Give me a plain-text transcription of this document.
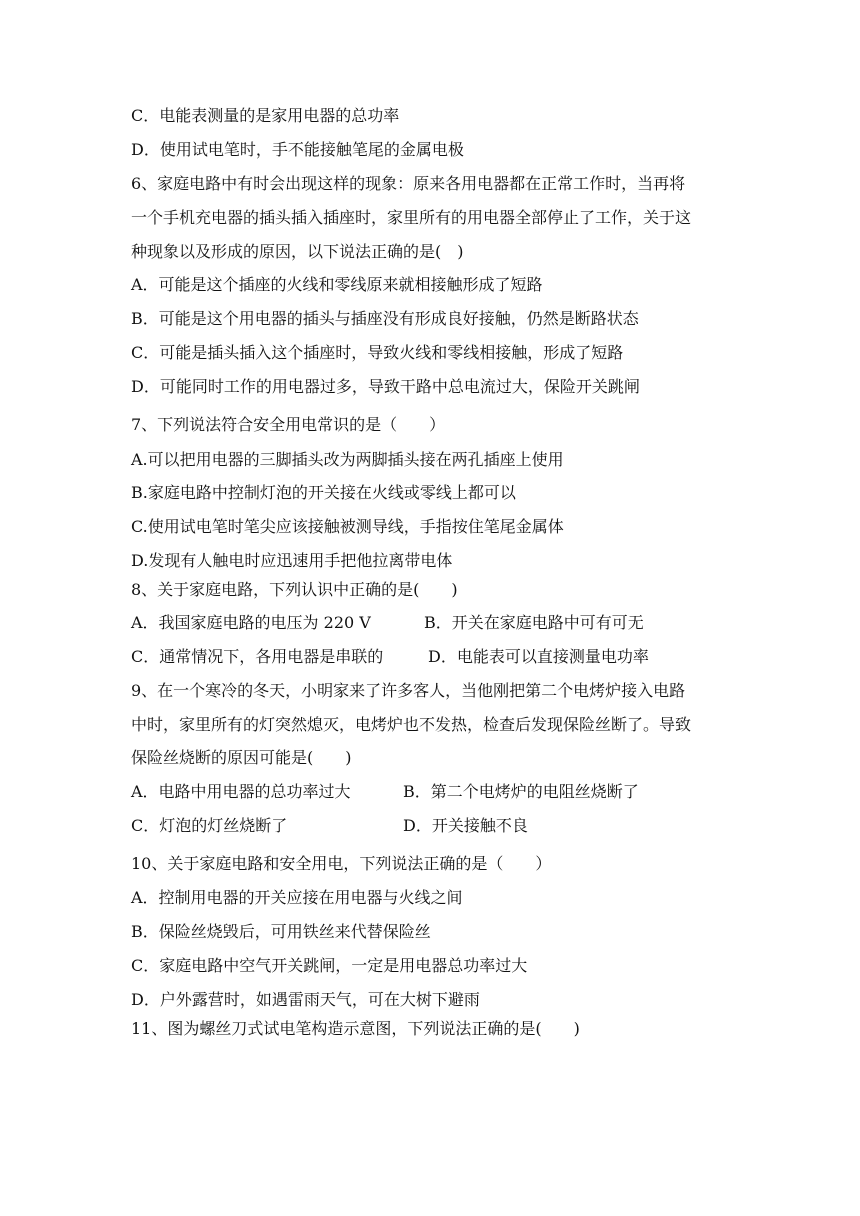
C．电能表测量的是家用电器的总功率
D．使用试电笔时，手不能接触笔尾的金属电极
6、家庭电路中有时会出现这样的现象：原来各用电器都在正常工作时，当再将
一个手机充电器的插头插入插座时，家里所有的用电器全部停止了工作，关于这
种现象以及形成的原因，以下说法正确的是(　)
A．可能是这个插座的火线和零线原来就相接触形成了短路
B．可能是这个用电器的插头与插座没有形成良好接触，仍然是断路状态
C．可能是插头插入这个插座时，导致火线和零线相接触，形成了短路
D．可能同时工作的用电器过多，导致干路中总电流过大，保险开关跳闸
7、下列说法符合安全用电常识的是（　　）
A.可以把用电器的三脚插头改为两脚插头接在两孔插座上使用
B.家庭电路中控制灯泡的开关接在火线或零线上都可以
C.使用试电笔时笔尖应该接触被测导线，手指按住笔尾金属体
D.发现有人触电时应迅速用手把他拉离带电体
8、关于家庭电路，下列认识中正确的是(　　)
A．我国家庭电路的电压为 220 V	B．开关在家庭电路中可有可无
C．通常情况下，各用电器是串联的	D．电能表可以直接测量电功率
9、在一个寒冷的冬天，小明家来了许多客人，当他刚把第二个电烤炉接入电路
中时，家里所有的灯突然熄灭，电烤炉也不发热，检查后发现保险丝断了。导致
保险丝烧断的原因可能是(　　)
A．电路中用电器的总功率过大	B．第二个电烤炉的电阻丝烧断了
C．灯泡的灯丝烧断了	D．开关接触不良
10、关于家庭电路和安全用电，下列说法正确的是（　　）
A．控制用电器的开关应接在用电器与火线之间
B．保险丝烧毁后，可用铁丝来代替保险丝
C．家庭电路中空气开关跳闸，一定是用电器总功率过大
D．户外露营时，如遇雷雨天气，可在大树下避雨
11、图为螺丝刀式试电笔构造示意图，下列说法正确的是(　　)
